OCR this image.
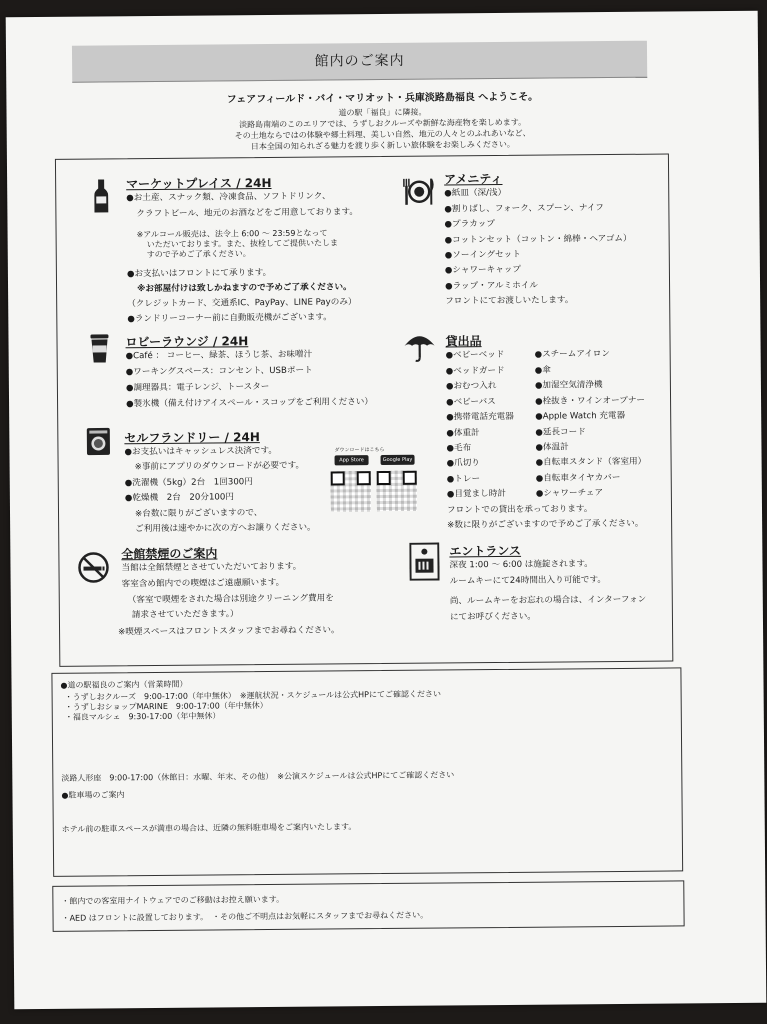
館内のご案内
フェアフィールド・バイ・マリオット・兵庫淡路島福良 へようこそ。
道の駅「福良」に隣接。
淡路島南端のこのエリアでは、うずしおクルーズや新鮮な海産物を楽しめます。
その土地ならではの体験や郷土料理、美しい自然、地元の人々とのふれあいなど、
日本全国の知られざる魅力を渡り歩く新しい旅体験をお楽しみください。
マーケットプレイス / 24H
●お土産、スナック類、冷凍食品、ソフトドリンク、
クラフトビール、地元のお酒などをご用意しております。
※アルコール販売は、法令上 6:00 ～ 23:59となって
いただいております。また、抜栓してご提供いたしま
すので予めご了承ください。
●お支払いはフロントにて承ります。
※お部屋付けは致しかねますので予めご了承ください。
（クレジットカード、交通系IC、PayPay、LINE Payのみ）
●ランドリーコーナー前に自動販売機がございます。
アメニティ
●紙皿（深/浅）
●割りばし、フォーク、スプーン、ナイフ
●プラカップ
●コットンセット（コットン・綿棒・ヘアゴム）
●ソーイングセット
●シャワーキャップ
●ラップ・アルミホイル
フロントにてお渡しいたします。
ロビーラウンジ / 24H
●Café ： コーヒー、緑茶、ほうじ茶、お味噌汁
●ワーキングスペース：コンセント、USBポート
●調理器具：電子レンジ、トースター
●製氷機（備え付けアイスペール・スコップをご利用ください）
貸出品
●ベビーベッド
●ベッドガード
●おむつ入れ
●ベビーバス
●携帯電話充電器
●体重計
●毛布
●爪切り
●トレー
●目覚まし時計
●スチームアイロン
●傘
●加湿空気清浄機
●栓抜き・ワインオープナー
●Apple Watch 充電器
●延長コード
●体温計
●自転車スタンド（客室用）
●自転車タイヤカバー
●シャワーチェア
フロントでの貸出を承っております。
※数に限りがございますので予めご了承ください。
セルフランドリー / 24H
●お支払いはキャッシュレス決済です。
※事前にアプリのダウンロードが必要です。
●洗濯機（5kg）2台　1回300円
●乾燥機　2台　20分100円
※台数に限りがございますので、
ご利用後は速やかに次の方へお譲りください。
ダウンロードはこちら
App Store	Google Play
全館禁煙のご案内
当館は全館禁煙とさせていただいております。
客室含め館内での喫煙はご遠慮願います。
（客室で喫煙をされた場合は別途クリーニング費用を
請求させていただきます。）
※喫煙スペースはフロントスタッフまでお尋ねください。
エントランス
深夜 1:00 ～ 6:00 は施錠されます。
ルームキーにて24時間出入り可能です。
尚、ルームキーをお忘れの場合は、インターフォン
にてお呼びください。
●道の駅福良のご案内（営業時間）
・うずしおクルーズ　9:00-17:00（年中無休）　※運航状況・スケジュールは公式HPにてご確認ください
・うずしおショップMARINE　9:00-17:00（年中無休）
・福良マルシェ　9:30-17:00（年中無休）
淡路人形座　9:00-17:00（休館日：水曜、年末、その他）　※公演スケジュールは公式HPにてご確認ください
●駐車場のご案内
ホテル前の駐車スペースが満車の場合は、近隣の無料駐車場をご案内いたします。
・館内での客室用ナイトウェアでのご移動はお控え願います。
・AED はフロントに設置しております。　・その他ご不明点はお気軽にスタッフまでお尋ねください。
